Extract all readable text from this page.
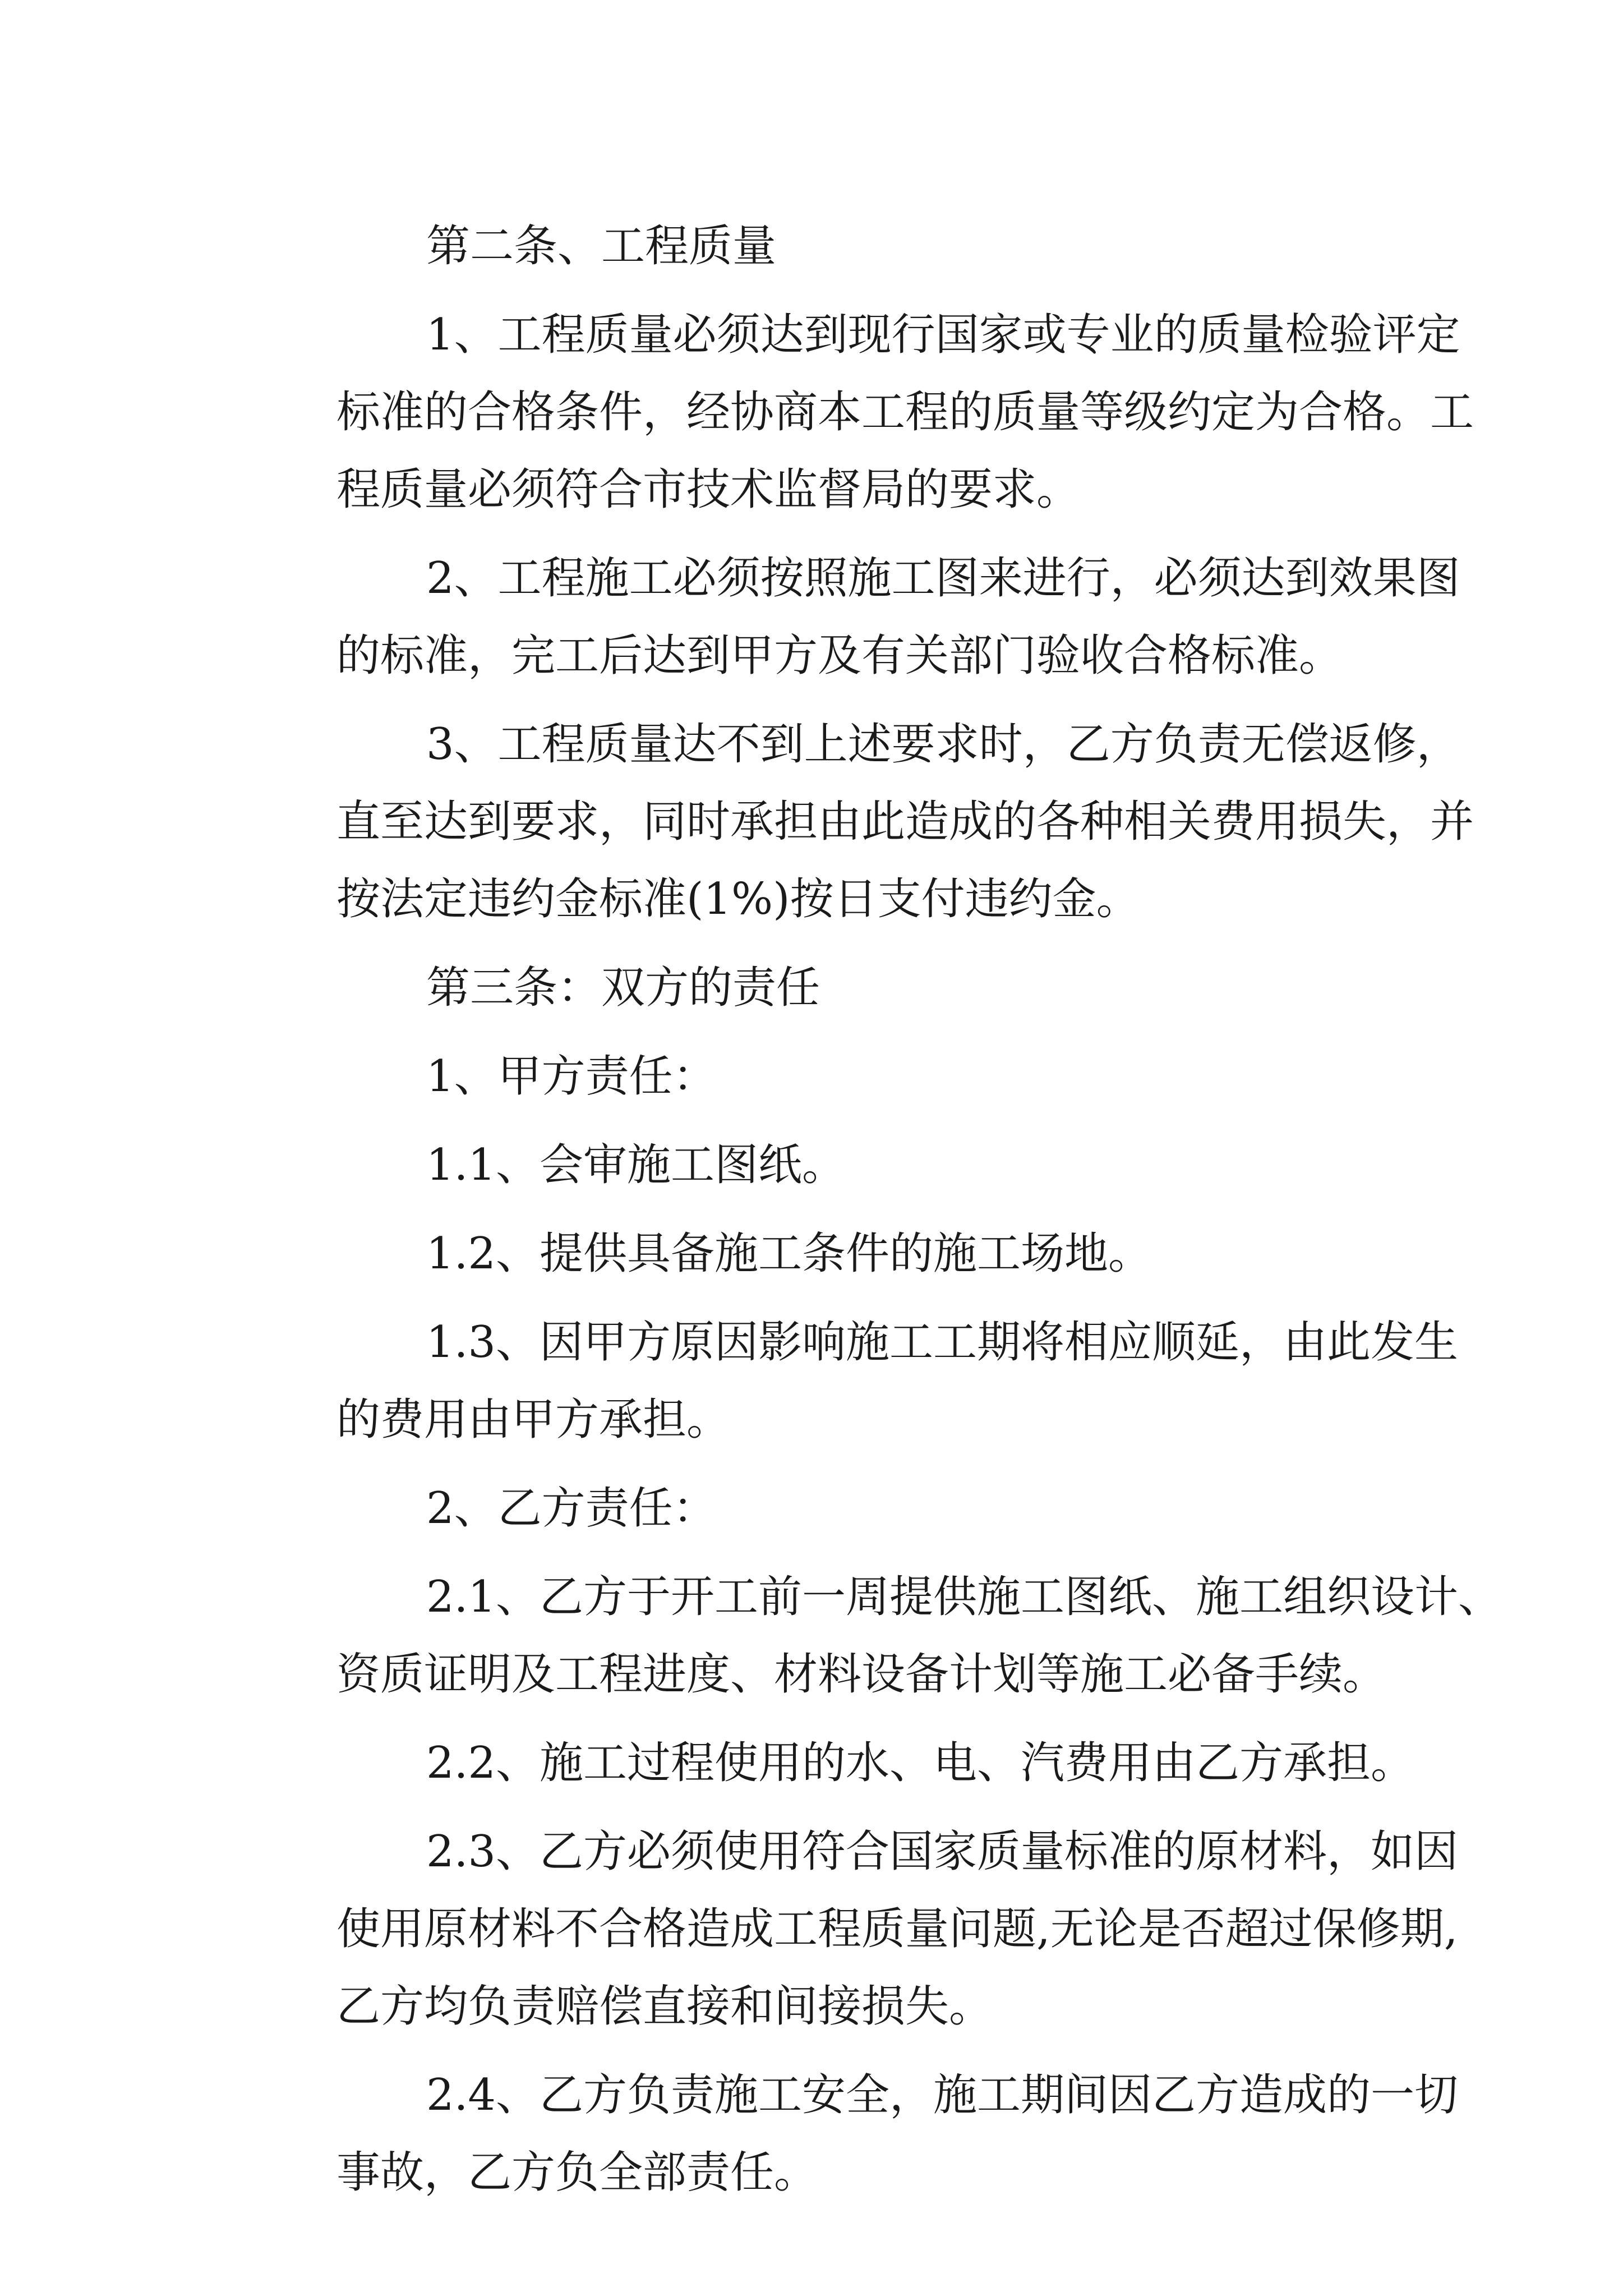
第二条、工程质量
1、工程质量必须达到现行国家或专业的质量检验评定
标准的合格条件，经协商本工程的质量等级约定为合格。工
程质量必须符合市技术监督局的要求。
2、工程施工必须按照施工图来进行，必须达到效果图
的标准，完工后达到甲方及有关部门验收合格标准。
3、工程质量达不到上述要求时，乙方负责无偿返修，
直至达到要求，同时承担由此造成的各种相关费用损失，并
按法定违约金标准(1%)按日支付违约金。
第三条：双方的责任
1、甲方责任：
1.1、会审施工图纸。
1.2、提供具备施工条件的施工场地。
1.3、因甲方原因影响施工工期将相应顺延，由此发生
的费用由甲方承担。
2、乙方责任：
2.1、乙方于开工前一周提供施工图纸、施工组织设计、
资质证明及工程进度、材料设备计划等施工必备手续。
2.2、施工过程使用的水、电、汽费用由乙方承担。
2.3、乙方必须使用符合国家质量标准的原材料，如因
使用原材料不合格造成工程质量问题,无论是否超过保修期,
乙方均负责赔偿直接和间接损失。
2.4、乙方负责施工安全，施工期间因乙方造成的一切
事故，乙方负全部责任。
